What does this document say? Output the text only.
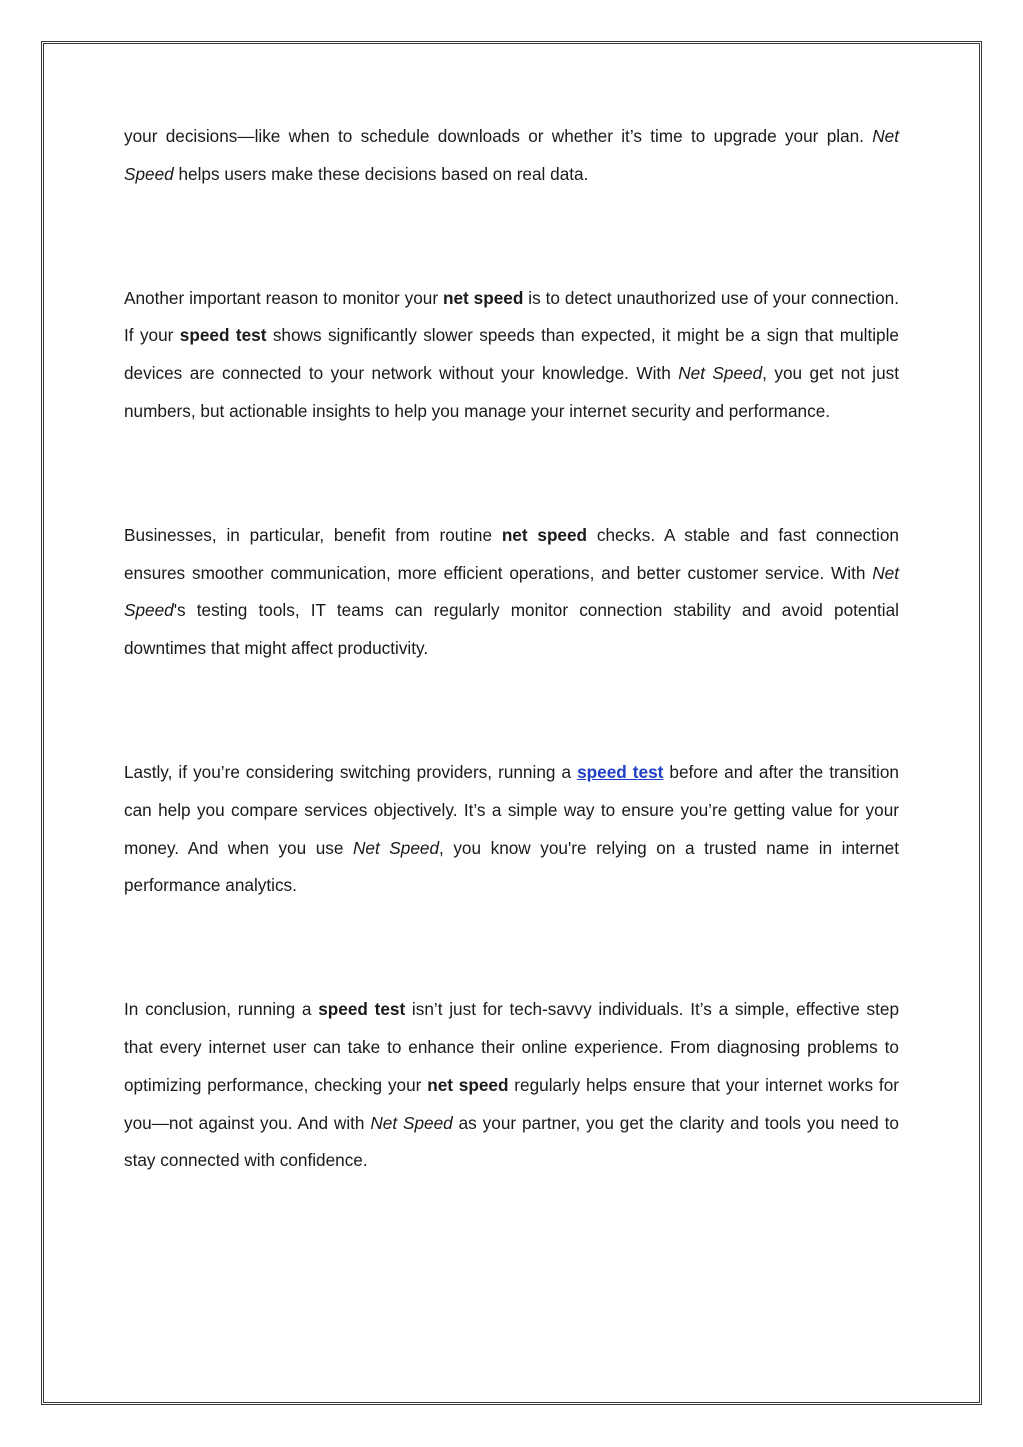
your decisions—like when to schedule downloads or whether it’s time to upgrade your plan. Net Speed helps users make these decisions based on real data.

Another important reason to monitor your net speed is to detect unauthorized use of your connection. If your speed test shows significantly slower speeds than expected, it might be a sign that multiple devices are connected to your network without your knowledge. With Net Speed, you get not just numbers, but actionable insights to help you manage your internet security and performance.

Businesses, in particular, benefit from routine net speed checks. A stable and fast connection ensures smoother communication, more efficient operations, and better customer service. With Net Speed's testing tools, IT teams can regularly monitor connection stability and avoid potential downtimes that might affect productivity.

Lastly, if you’re considering switching providers, running a speed test before and after the transition can help you compare services objectively. It’s a simple way to ensure you’re getting value for your money. And when you use Net Speed, you know you're relying on a trusted name in internet performance analytics.

In conclusion, running a speed test isn’t just for tech-savvy individuals. It’s a simple, effective step that every internet user can take to enhance their online experience. From diagnosing problems to optimizing performance, checking your net speed regularly helps ensure that your internet works for you—not against you. And with Net Speed as your partner, you get the clarity and tools you need to stay connected with confidence.
